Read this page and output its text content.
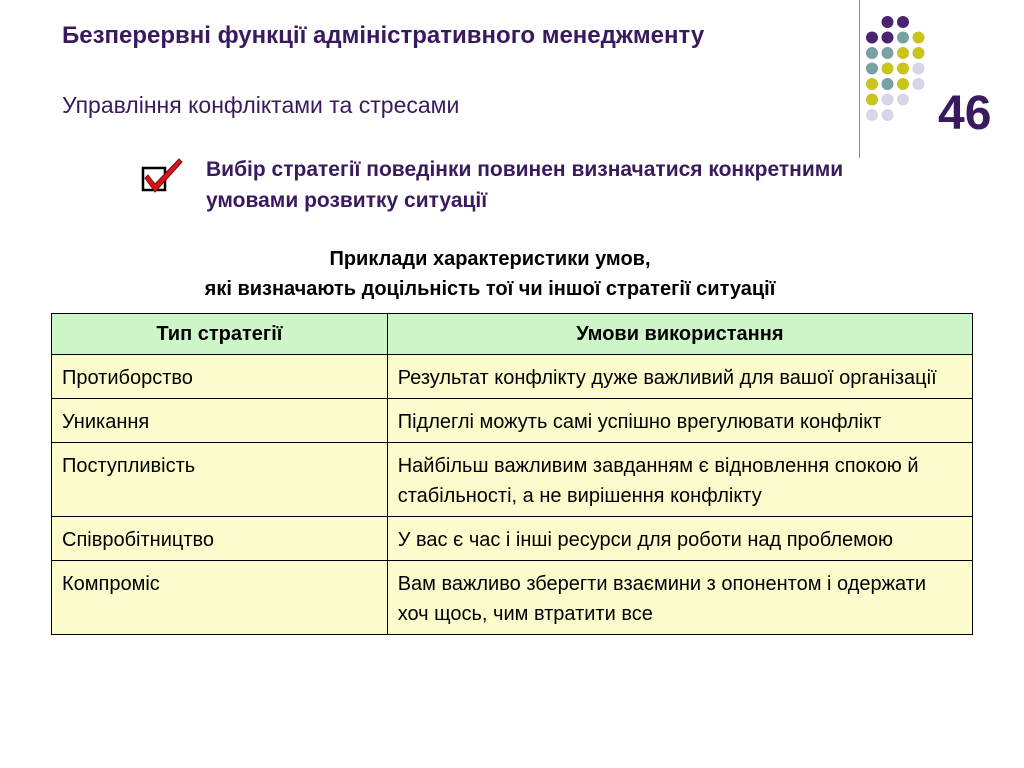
Безперервні функції адміністративного менеджменту
Управління конфліктами та стресами	46

Вибір стратегії поведінки повинен визначатися конкретними умовами розвитку ситуації

Приклади характеристики умов,
які визначають доцільність тої чи іншої стратегії ситуації
Тип стратегії	Умови використання
Протиборство	Результат конфлікту дуже важливий для вашої організації
Уникання	Підлеглі можуть самі успішно врегулювати конфлікт
Поступливість	Найбільш важливим завданням є відновлення спокою й стабільності, а не вирішення конфлікту
Співробітництво	У вас є час і інші ресурси для роботи над проблемою
Компроміс	Вам важливо зберегти взаємини з опонентом і одержати хоч щось, чим втратити все
